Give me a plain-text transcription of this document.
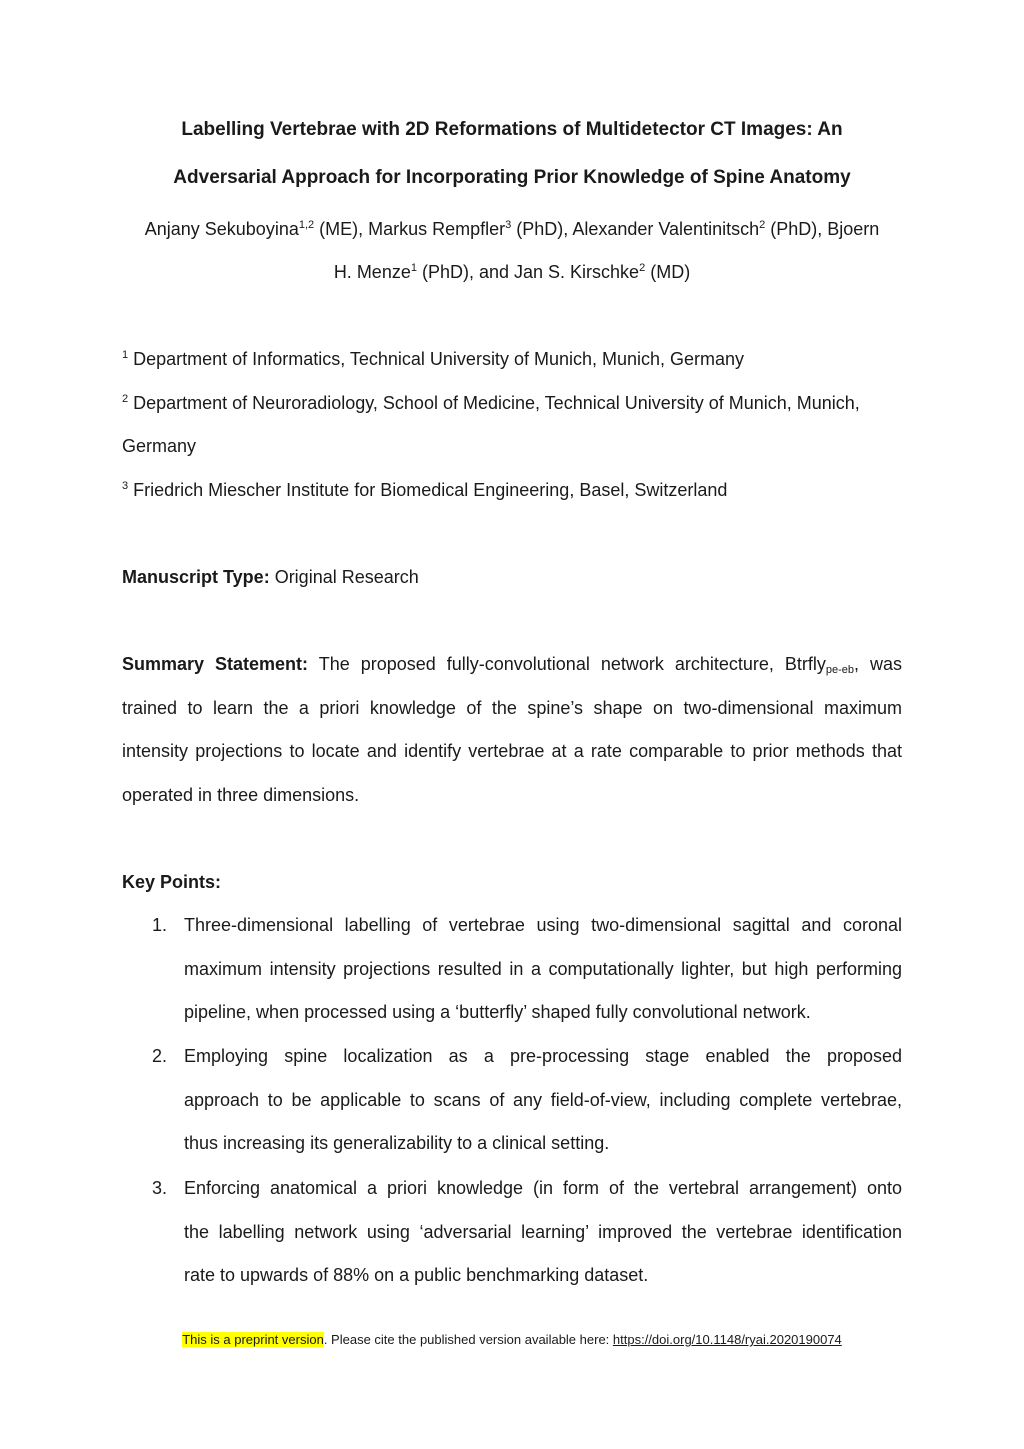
Labelling Vertebrae with 2D Reformations of Multidetector CT Images: An
Adversarial Approach for Incorporating Prior Knowledge of Spine Anatomy
Anjany Sekuboyina$^{1,2}$ (ME), Markus Rempfler$^3$ (PhD), Alexander Valentinitsch$^2$ (PhD), Bjoern
H. Menze$^1$ (PhD), and Jan S. Kirschke$^2$ (MD)
$^1$ Department of Informatics, Technical University of Munich, Munich, Germany
$^2$ Department of Neuroradiology, School of Medicine, Technical University of Munich, Munich,
Germany
$^3$ Friedrich Miescher Institute for Biomedical Engineering, Basel, Switzerland
Manuscript Type: Original Research
Summary Statement: The proposed fully-convolutional network architecture, Btrfly$_{pe-eb}$, was
trained to learn the a priori knowledge of the spine’s shape on two-dimensional maximum
intensity projections to locate and identify vertebrae at a rate comparable to prior methods that
operated in three dimensions.
Key Points:
1. Three-dimensional labelling of vertebrae using two-dimensional sagittal and coronal
maximum intensity projections resulted in a computationally lighter, but high performing
pipeline, when processed using a ‘butterfly’ shaped fully convolutional network.
2. Employing spine localization as a pre-processing stage enabled the proposed
approach to be applicable to scans of any field-of-view, including complete vertebrae,
thus increasing its generalizability to a clinical setting.
3. Enforcing anatomical a priori knowledge (in form of the vertebral arrangement) onto
the labelling network using ‘adversarial learning’ improved the vertebrae identification
rate to upwards of 88% on a public benchmarking dataset.
This is a preprint version. Please cite the published version available here: https://doi.org/10.1148/ryai.2020190074
